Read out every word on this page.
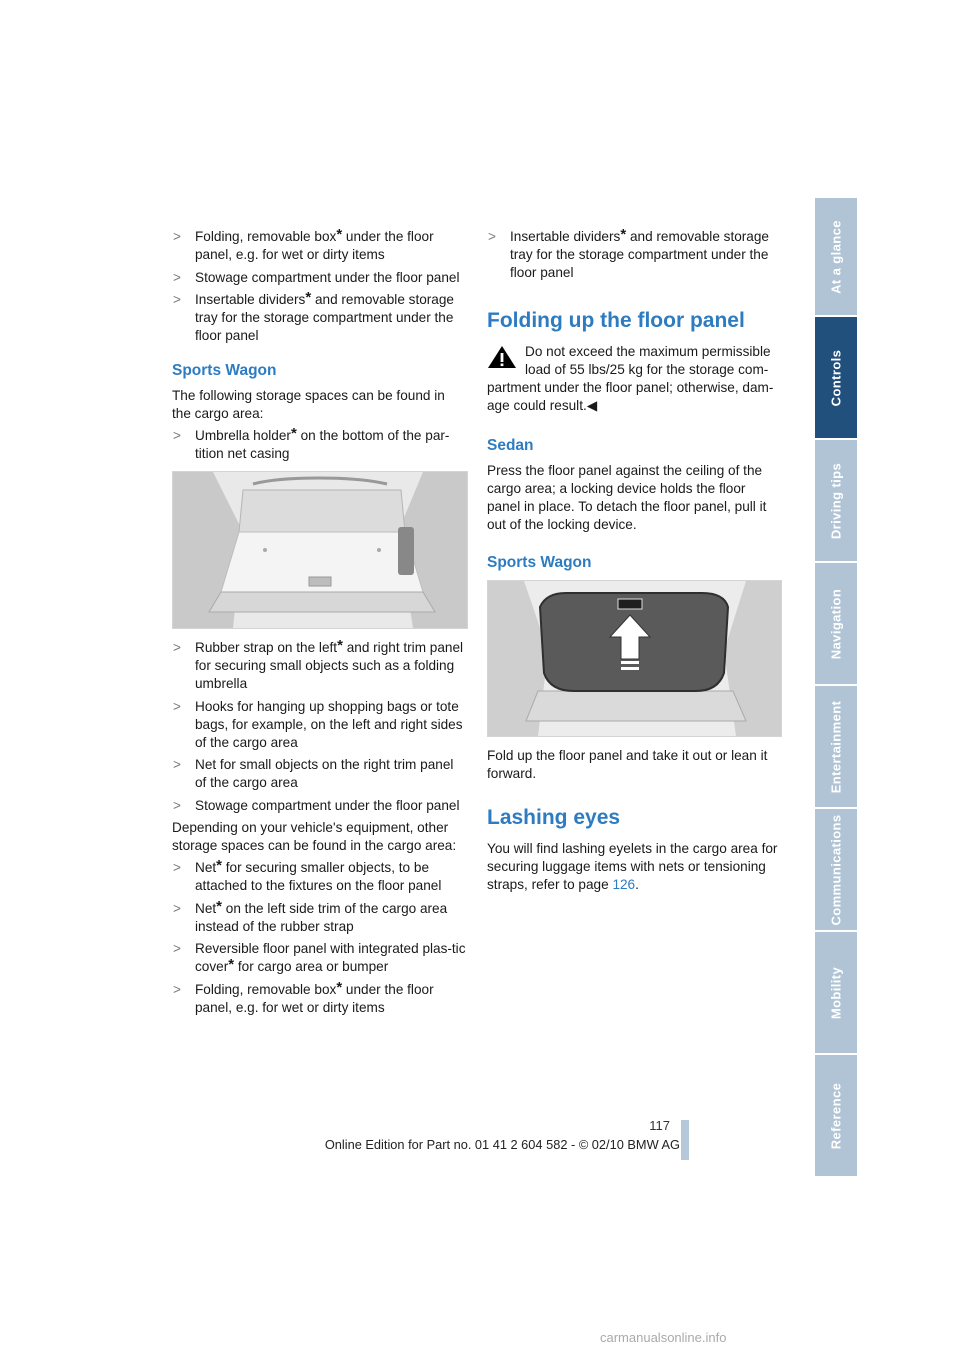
> Folding, removable box* under the floor panel, e.g. for wet or dirty items
> Stowage compartment under the floor panel
> Insertable dividers* and removable storage tray for the storage compartment under the floor panel
Sports Wagon
The following storage spaces can be found in the cargo area:
> Umbrella holder* on the bottom of the par-tition net casing
> Rubber strap on the left* and right trim panel for securing small objects such as a folding umbrella
> Hooks for hanging up shopping bags or tote bags, for example, on the left and right sides of the cargo area
> Net for small objects on the right trim panel of the cargo area
> Stowage compartment under the floor panel
Depending on your vehicle's equipment, other storage spaces can be found in the cargo area:
> Net* for securing smaller objects, to be attached to the fixtures on the floor panel
> Net* on the left side trim of the cargo area instead of the rubber strap
> Reversible floor panel with integrated plas-tic cover* for cargo area or bumper
> Folding, removable box* under the floor panel, e.g. for wet or dirty items
> Insertable dividers* and removable storage tray for the storage compartment under the floor panel
Folding up the floor panel
Do not exceed the maximum permissible load of 55 lbs/25 kg for the storage com-partment under the floor panel; otherwise, dam-age could result.◀
Sedan
Press the floor panel against the ceiling of the cargo area; a locking device holds the floor panel in place. To detach the floor panel, pull it out of the locking device.
Sports Wagon
Fold up the floor panel and take it out or lean it forward.
Lashing eyes
You will find lashing eyelets in the cargo area for securing luggage items with nets or tensioning straps, refer to page 126.
At a glance
Controls
Driving tips
Navigation
Entertainment
Communications
Mobility
Reference
117
Online Edition for Part no. 01 41 2 604 582 - © 02/10 BMW AG
carmanualsonline.info
